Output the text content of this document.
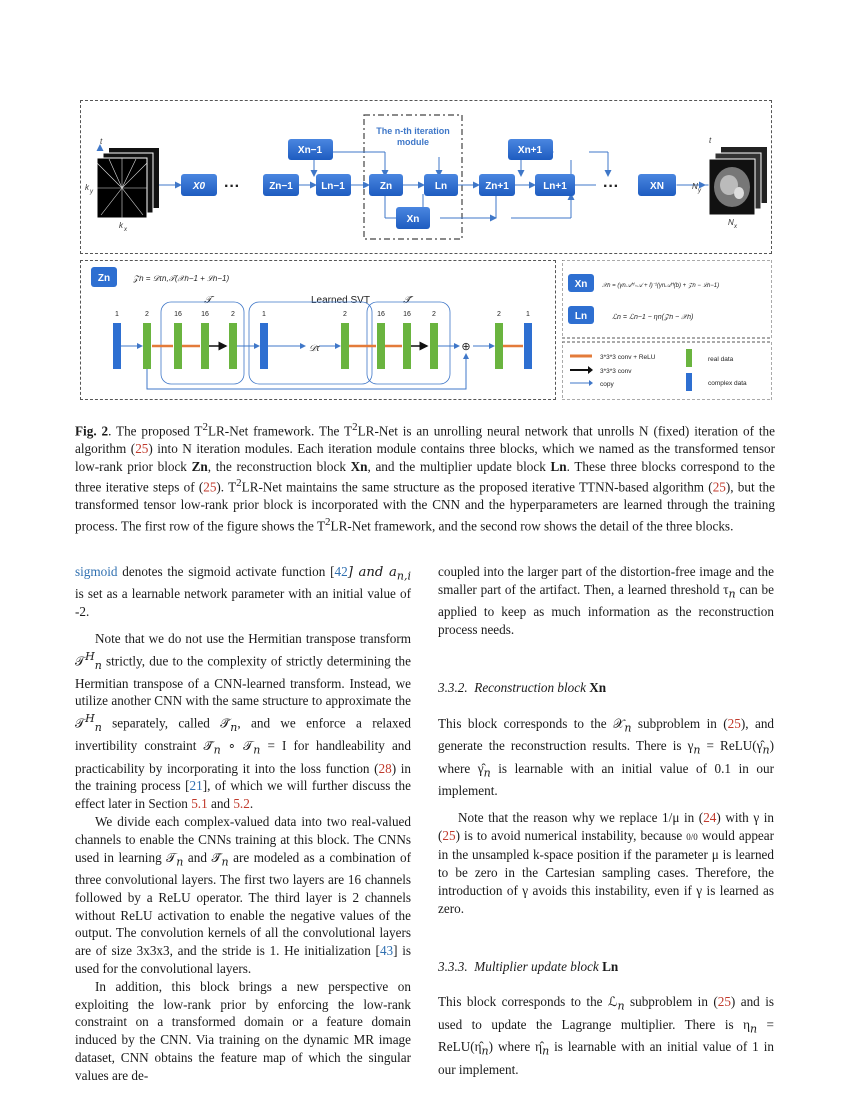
t
k y
k x
The n-th iteration
module
X0 ···	Zn−1
Xn−1
Ln−1	Zn	Ln
Xn
Zn+1
Xn+1
Ln+1 ···	XN	N y
N x
t
Zn	𝒵n = 𝒟τn,𝒯(𝒳n−1 + ℒn−1)
𝒯	Learned SVT	𝒯̃
1	2	16	16	2	1	2	16	16	2	2	1
𝒟τ	⊕
Xn 𝒳n = (γn𝒜ᴴ∘𝒜 + I)⁻¹(γn𝒜ᴴ(b) + 𝒵n − ℒn−1)
Ln	ℒn = ℒn−1 − ηn(𝒵n − 𝒳n)
3*3*3 conv + ReLU
3*3*3 conv
copy
real data
complex data
Fig. 2. The proposed $T^2LR$-Net framework. The $T^2LR$-Net is an unrolling neural network that unrolls N (fixed) iteration of the algorithm (25) into N iteration modules. Each iteration module contains three blocks, which we named as the transformed tensor low-rank prior block Zn, the reconstruction block Xn, and the multiplier update block Ln. These three blocks correspond to the three iterative steps of (25). $T^2LR$-Net maintains the same structure as the proposed iterative TTNN-based algorithm (25), but the transformed tensor low-rank prior block is incorporated with the CNN and the hyperparameters are learned through the training process. The first row of the figure shows the $T^2LR$-Net framework, and the second row shows the detail of the three blocks.

sigmoid denotes the sigmoid activate function [42] and $a_{n,i}$ is set as a learnable network parameter with an initial value of -2.

Note that we do not use the Hermitian transpose transform 𝒯$^H_n$ strictly, due to the complexity of strictly determining the Hermitian transpose of a CNN-learned transform. Instead, we utilize another CNN with the same structure to approximate the 𝒯$^H_n$ separately, called $𝒯̃_n$, and we enforce a relaxed invertibility constraint $𝒯̃_n$ ∘ 𝒯$_n$ = I for handleability and practicability by incorporating it into the loss function (28) in the training process [21], of which we will further discuss the effect later in Section 5.1 and 5.2.

We divide each complex-valued data into two real-valued channels to enable the CNNs training at this block. The CNNs used in learning 𝒯$_n$ and $𝒯̃_n$ are modeled as a combination of three convolutional layers. The first two layers are 16 channels followed by a ReLU operator. The third layer is 2 channels without ReLU activation to enable the negative values of the output. The convolution kernels of all the convolutional layers are of size 3x3x3, and the stride is 1. He initialization [43] is used for the convolutional layers.

In addition, this block brings a new perspective on exploiting the low-rank prior by enforcing the low-rank constraint on a transformed domain or a feature domain induced by the CNN. Via training on the dynamic MR image dataset, CNN obtains the feature map of which the singular values are de-

coupled into the larger part of the distortion-free image and the smaller part of the artifact. Then, a learned threshold $\tau_n$ can be applied to keep as much information as the reconstruction process needs.

3.3.2. Reconstruction block Xn

This block corresponds to the 𝒳$_n$ subproblem in (25), and generate the reconstruction results. There is $\gamma_n$ = $ReLU(\gammâ_n)$ where $\gammâ_n$ is learnable with an initial value of 0.1 in our implement.

Note that the reason why we replace 1/μ in (24) with γ in (25) is to avoid numerical instability, because 0/0 would appear in the unsampled k-space position if the parameter μ is learned to be zero in the Cartesian sampling cases. Therefore, the introduction of γ avoids this instability, even if γ is learned as zero.

3.3.3. Multiplier update block Ln

This block corresponds to the ℒ$_n$ subproblem in (25) and is used to update the Lagrange multiplier. There is $\eta_n$ = $ReLU(\etâ_n)$ where $\etâ_n$ is learnable with an initial value of 1 in our implement.
